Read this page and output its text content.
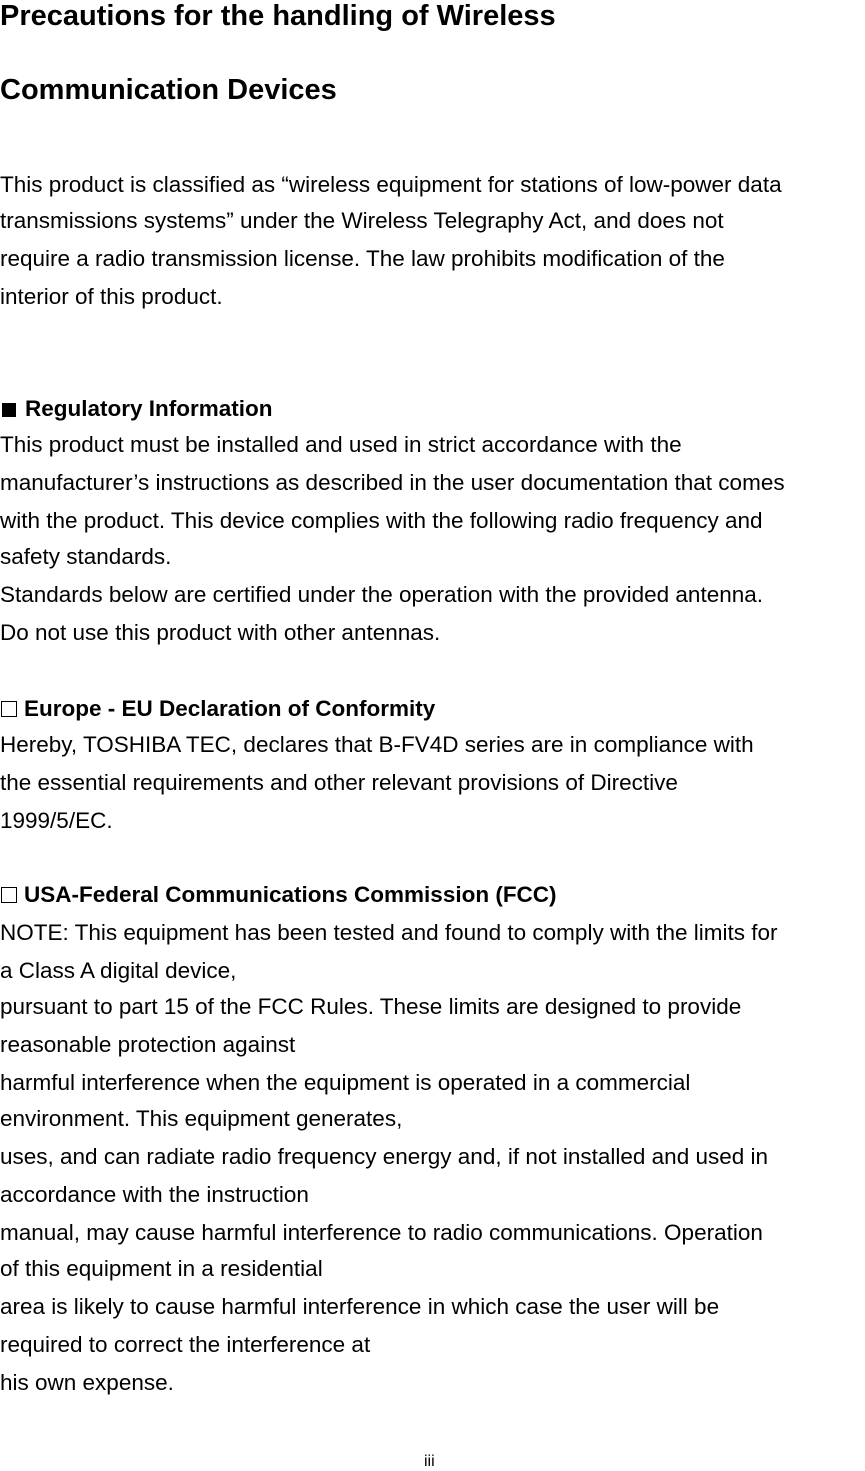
Precautions for the handling of Wireless
Communication Devices
This product is classified as “wireless equipment for stations of low-power data
transmissions systems” under the Wireless Telegraphy Act, and does not
require a radio transmission license. The law prohibits modification of the
interior of this product.
Regulatory Information
This product must be installed and used in strict accordance with the
manufacturer’s instructions as described in the user documentation that comes
with the product. This device complies with the following radio frequency and
safety standards.
Standards below are certified under the operation with the provided antenna.
Do not use this product with other antennas.
Europe - EU Declaration of Conformity
Hereby, TOSHIBA TEC, declares that B-FV4D series are in compliance with
the essential requirements and other relevant provisions of Directive
1999/5/EC.
USA-Federal Communications Commission (FCC)
NOTE: This equipment has been tested and found to comply with the limits for
a Class A digital device,
pursuant to part 15 of the FCC Rules. These limits are designed to provide
reasonable protection against
harmful interference when the equipment is operated in a commercial
environment. This equipment generates,
uses, and can radiate radio frequency energy and, if not installed and used in
accordance with the instruction
manual, may cause harmful interference to radio communications. Operation
of this equipment in a residential
area is likely to cause harmful interference in which case the user will be
required to correct the interference at
his own expense.
iii
